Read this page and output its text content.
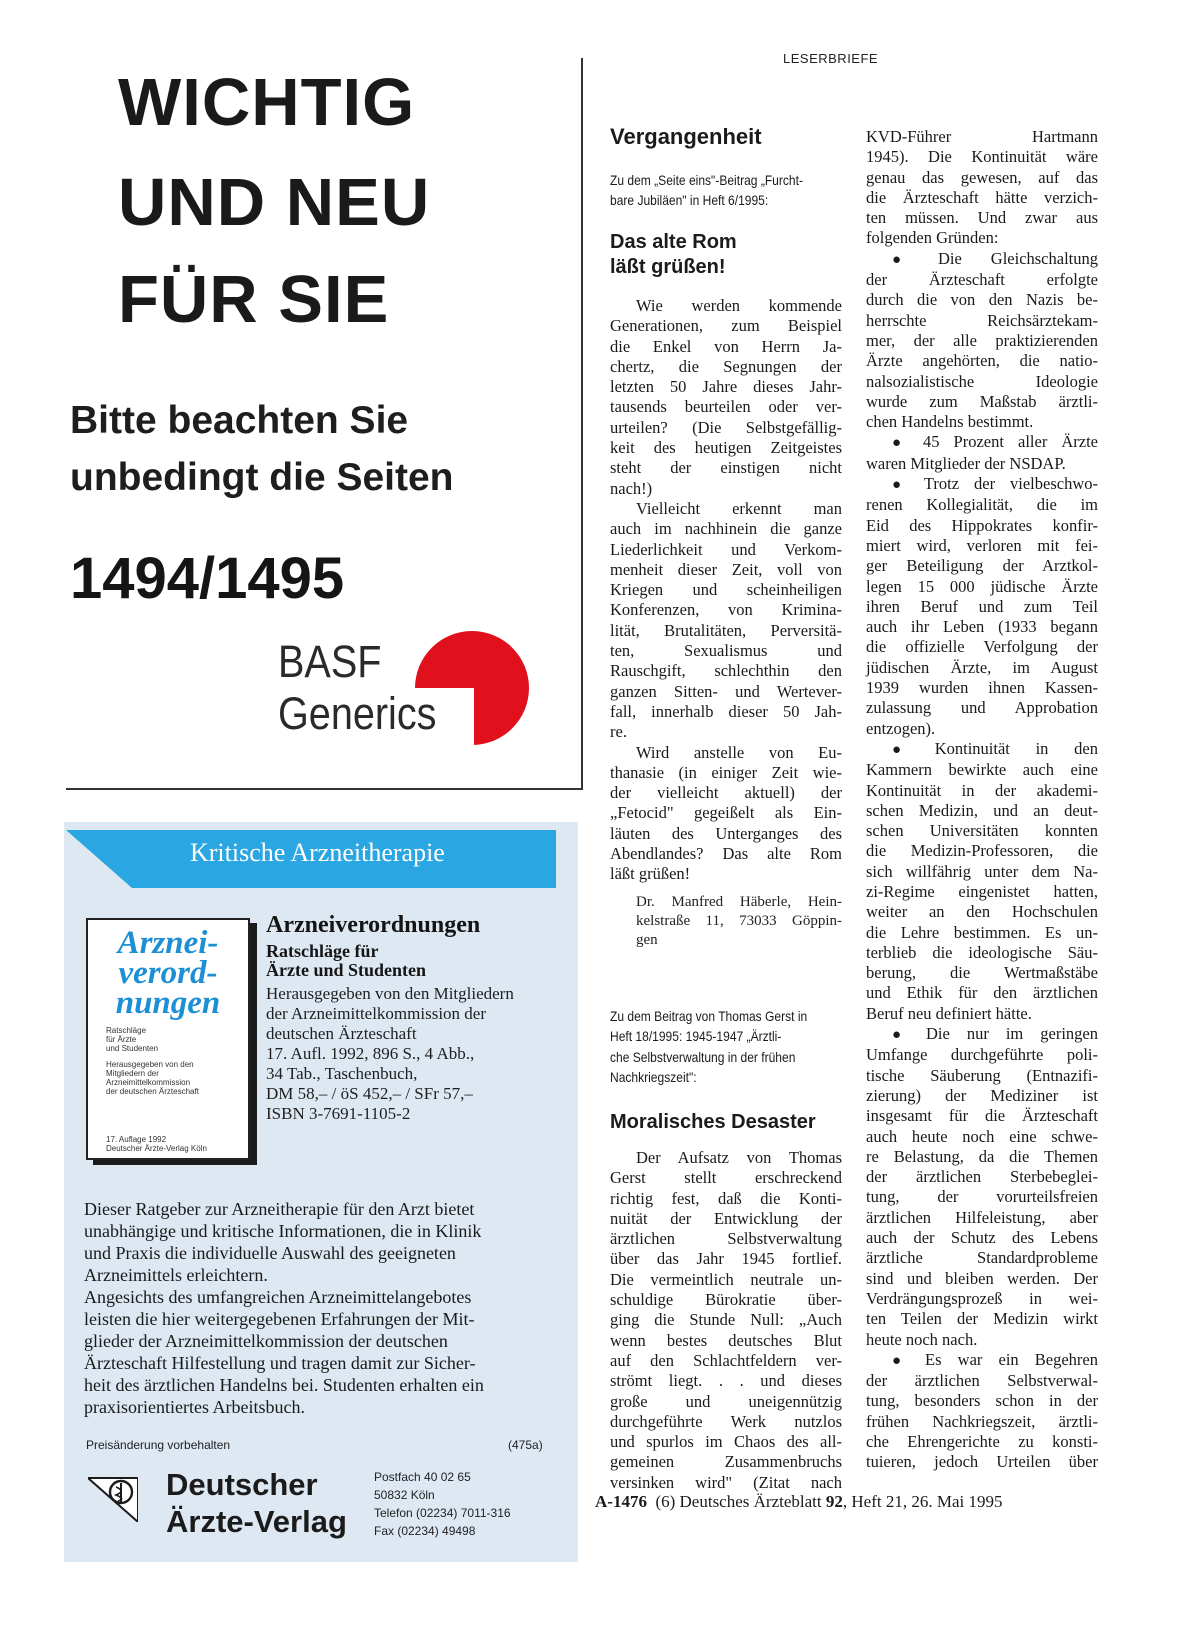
WICHTIG
UND NEU
FÜR SIE
Bitte beachten Sie
unbedingt die Seiten
1494/1495
BASF
Generics
Kritische Arzneitherapie
Arznei-
verord-
nungen
Ratschläge
für Ärzte
und Studenten
Herausgegeben von den
Mitgliedern der
Arzneimittelkommission
der deutschen Ärzteschaft
17. Auflage 1992
Deutscher Ärzte-Verlag Köln
Arzneiverordnungen
Ratschläge für
Ärzte und Studenten
Herausgegeben von den Mitgliedern
der Arzneimittelkommission der
deutschen Ärzteschaft
17. Aufl. 1992, 896 S., 4 Abb.,
34 Tab., Taschenbuch,
DM 58,– / öS 452,– / SFr 57,–
ISBN 3-7691-1105-2
Dieser Ratgeber zur Arzneitherapie für den Arzt bietet
unabhängige und kritische Informationen, die in Klinik
und Praxis die individuelle Auswahl des geeigneten
Arzneimittels erleichtern.
Angesichts des umfangreichen Arzneimittelangebotes
leisten die hier weitergegebenen Erfahrungen der Mit-
glieder der Arzneimittelkommission der deutschen
Ärzteschaft Hilfestellung und tragen damit zur Sicher-
heit des ärztlichen Handelns bei. Studenten erhalten ein
praxisorientiertes Arbeitsbuch.
Preisänderung vorbehalten	(475a)
Deutscher
Ärzte-Verlag
Postfach 40 02 65
50832 Köln
Telefon (02234) 7011-316
Fax (02234) 49498
LESERBRIEFE
Vergangenheit
Zu dem „Seite eins"-Beitrag „Furcht-
bare Jubiläen" in Heft 6/1995:
Das alte Rom
läßt grüßen!
Wie werden kommende
Generationen, zum Beispiel
die Enkel von Herrn Ja-
chertz, die Segnungen der
letzten 50 Jahre dieses Jahr-
tausends beurteilen oder ver-
urteilen? (Die Selbstgefällig-
keit des heutigen Zeitgeistes
steht der einstigen nicht
nach!)
Vielleicht erkennt man
auch im nachhinein die ganze
Liederlichkeit und Verkom-
menheit dieser Zeit, voll von
Kriegen und scheinheiligen
Konferenzen, von Krimina-
lität, Brutalitäten, Perversitä-
ten, Sexualismus und
Rauschgift, schlechthin den
ganzen Sitten- und Wertever-
fall, innerhalb dieser 50 Jah-
re.
Wird anstelle von Eu-
thanasie (in einiger Zeit wie-
der vielleicht aktuell) der
„Fetocid" gegeißelt als Ein-
läuten des Unterganges des
Abendlandes? Das alte Rom
läßt grüßen!
Dr. Manfred Häberle, Hein-
kelstraße 11, 73033 Göppin-
gen
Zu dem Beitrag von Thomas Gerst in
Heft 18/1995: 1945-1947 „Ärztli-
che Selbstverwaltung in der frühen
Nachkriegszeit":
Moralisches Desaster
Der Aufsatz von Thomas
Gerst stellt erschreckend
richtig fest, daß die Konti-
nuität der Entwicklung der
ärztlichen Selbstverwaltung
über das Jahr 1945 fortlief.
Die vermeintlich neutrale un-
schuldige Bürokratie über-
ging die Stunde Null: „Auch
wenn bestes deutsches Blut
auf den Schlachtfeldern ver-
strömt liegt. . . und dieses
große und uneigennützig
durchgeführte Werk nutzlos
und spurlos im Chaos des all-
gemeinen Zusammenbruchs
versinken wird" (Zitat nach
KVD-Führer Hartmann
1945). Die Kontinuität wäre
genau das gewesen, auf das
die Ärzteschaft hätte verzich-
ten müssen. Und zwar aus
folgenden Gründen:
● Die Gleichschaltung
der Ärzteschaft erfolgte
durch die von den Nazis be-
herrschte Reichsärztekam-
mer, der alle praktizierenden
Ärzte angehörten, die natio-
nalsozialistische Ideologie
wurde zum Maßstab ärztli-
chen Handelns bestimmt.
● 45 Prozent aller Ärzte
waren Mitglieder der NSDAP.
● Trotz der vielbeschwo-
renen Kollegialität, die im
Eid des Hippokrates konfir-
miert wird, verloren mit fei-
ger Beteiligung der Arztkol-
legen 15 000 jüdische Ärzte
ihren Beruf und zum Teil
auch ihr Leben (1933 begann
die offizielle Verfolgung der
jüdischen Ärzte, im August
1939 wurden ihnen Kassen-
zulassung und Approbation
entzogen).
● Kontinuität in den
Kammern bewirkte auch eine
Kontinuität in der akademi-
schen Medizin, und an deut-
schen Universitäten konnten
die Medizin-Professoren, die
sich willfährig unter dem Na-
zi-Regime eingenistet hatten,
weiter an den Hochschulen
die Lehre bestimmen. Es un-
terblieb die ideologische Säu-
berung, die Wertmaßstäbe
und Ethik für den ärztlichen
Beruf neu definiert hätte.
● Die nur im geringen
Umfange durchgeführte poli-
tische Säuberung (Entnazifi-
zierung) der Mediziner ist
insgesamt für die Ärzteschaft
auch heute noch eine schwe-
re Belastung, da die Themen
der ärztlichen Sterbebeglei-
tung, der vorurteilsfreien
ärztlichen Hilfeleistung, aber
auch der Schutz des Lebens
ärztliche Standardprobleme
sind und bleiben werden. Der
Verdrängungsprozeß in wei-
ten Teilen der Medizin wirkt
heute noch nach.
● Es war ein Begehren
der ärztlichen Selbstverwal-
tung, besonders schon in der
frühen Nachkriegszeit, ärztli-
che Ehrengerichte zu konsti-
tuieren, jedoch Urteilen über
A-1476 (6) Deutsches Ärzteblatt 92, Heft 21, 26. Mai 1995
